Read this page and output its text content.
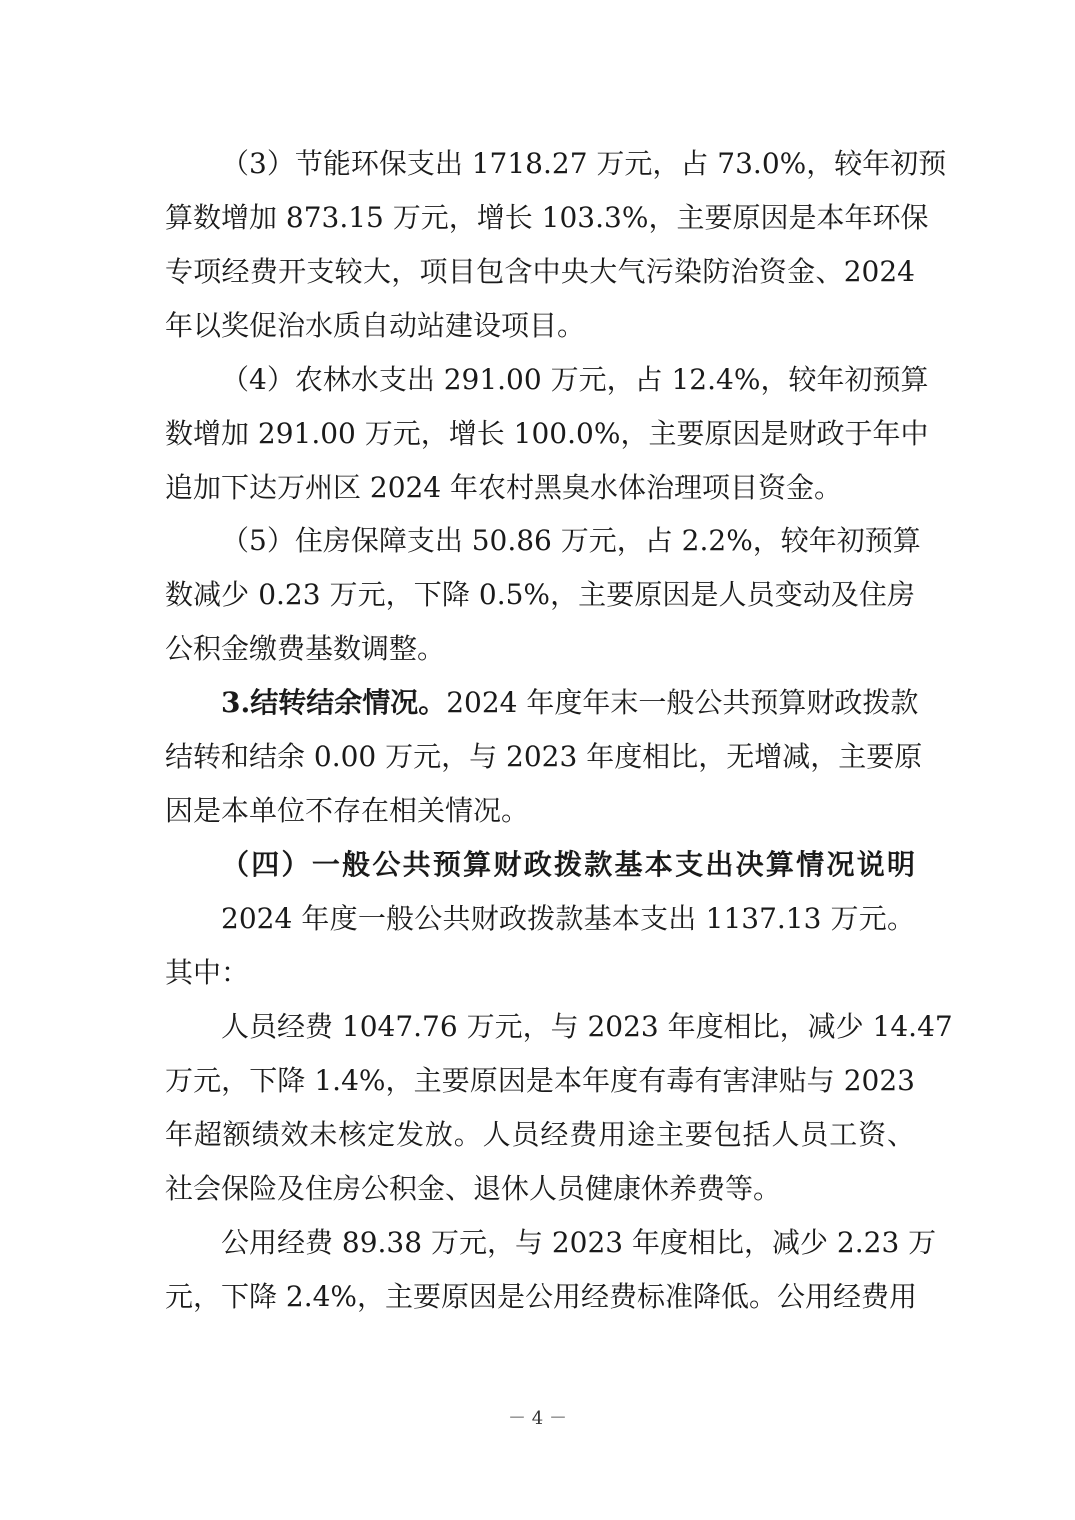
（3）节能环保支出 1718.27 万元，占 73.0%，较年初预
算数增加 873.15 万元，增长 103.3%，主要原因是本年环保
专项经费开支较大，项目包含中央大气污染防治资金、2024
年以奖促治水质自动站建设项目。
（4）农林水支出 291.00 万元，占 12.4%，较年初预算
数增加 291.00 万元，增长 100.0%，主要原因是财政于年中
追加下达万州区 2024 年农村黑臭水体治理项目资金。
（5）住房保障支出 50.86 万元，占 2.2%，较年初预算
数减少 0.23 万元，下降 0.5%，主要原因是人员变动及住房
公积金缴费基数调整。
3.结转结余情况。2024 年度年末一般公共预算财政拨款
结转和结余 0.00 万元，与 2023 年度相比，无增减，主要原
因是本单位不存在相关情况。
（四）一般公共预算财政拨款基本支出决算情况说明
2024 年度一般公共财政拨款基本支出 1137.13 万元。
其中：
人员经费 1047.76 万元，与 2023 年度相比，减少 14.47
万元，下降 1.4%，主要原因是本年度有毒有害津贴与 2023
年超额绩效未核定发放。人员经费用途主要包括人员工资、
社会保险及住房公积金、退休人员健康休养费等。
公用经费 89.38 万元，与 2023 年度相比，减少 2.23 万
元，下降 2.4%，主要原因是公用经费标准降低。公用经费用
－ 4 －
